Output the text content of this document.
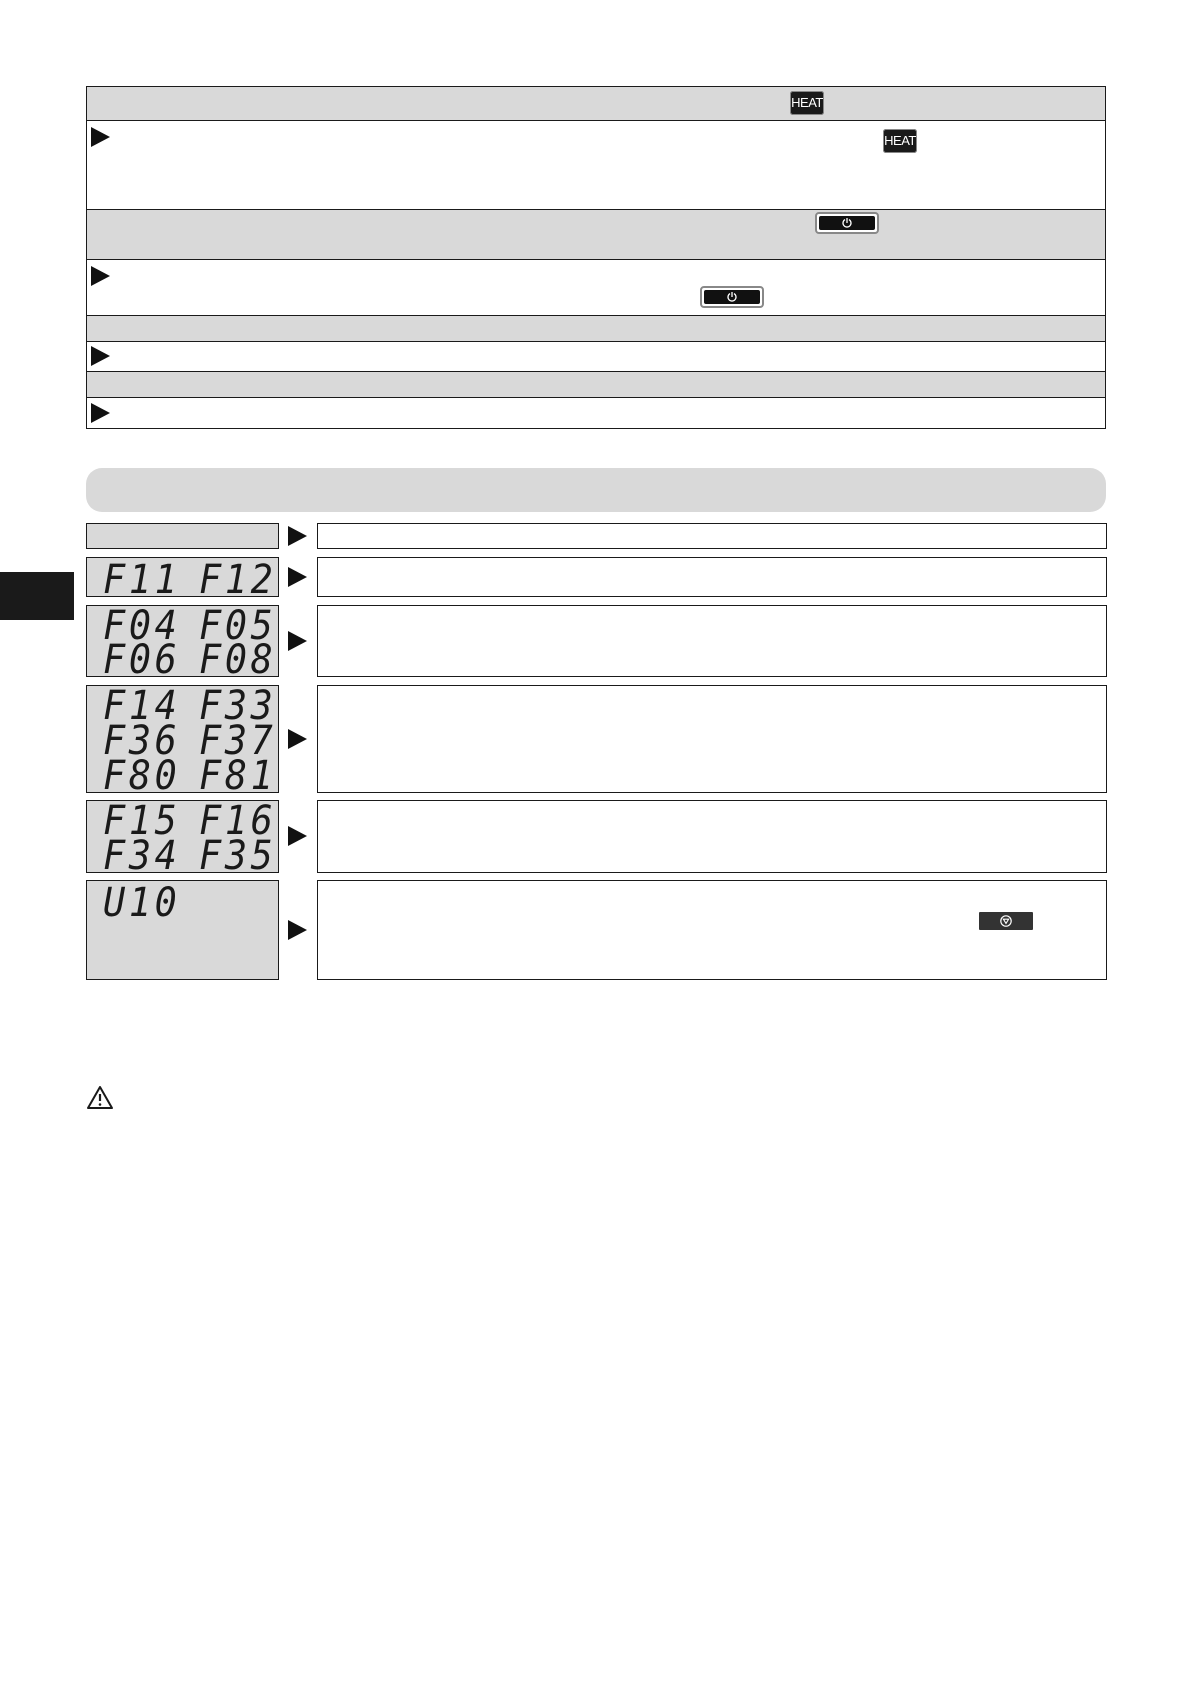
HEAT
HEAT
F11 F12
F04 F05
F06 F08
F14 F33
F36 F37
F80 F81
F15 F16
F34 F35
U10
